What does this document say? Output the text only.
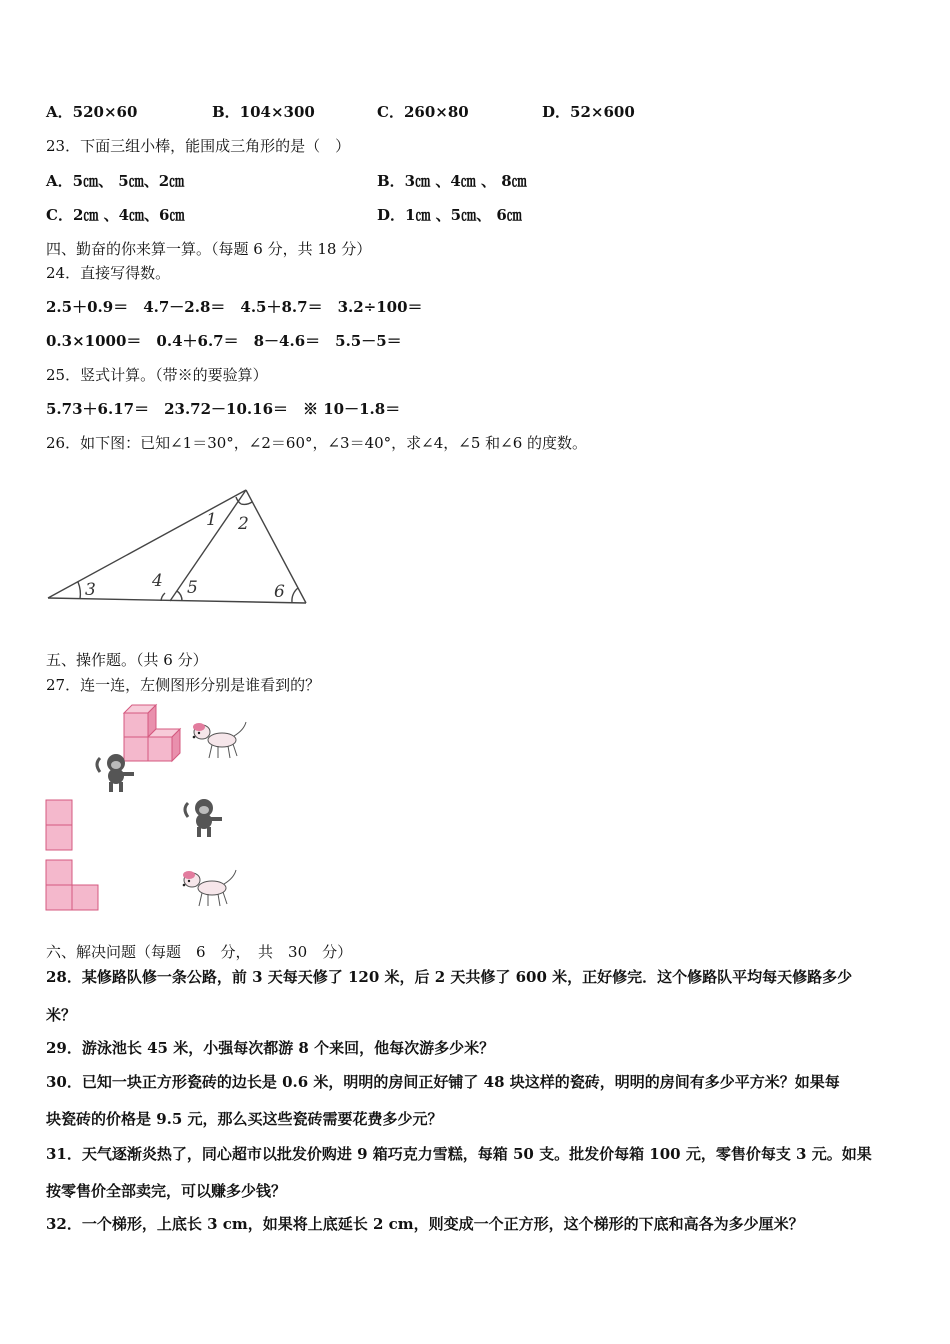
A．520×60	B．104×300	C．260×80	D．52×600
23．下面三组小棒，能围成三角形的是（　）
A．5㎝、 5㎝、2㎝	B．3㎝ 、4㎝ 、 8㎝
C．2㎝ 、4㎝、6㎝	D．1㎝ 、5㎝、 6㎝
四、勤奋的你来算一算。（每题 6 分，共 18 分）
24．直接写得数。
2.5＋0.9＝　4.7－2.8＝　4.5＋8.7＝　3.2÷100＝
0.3×1000＝　0.4＋6.7＝　8－4.6＝　5.5－5＝
25．竖式计算。（带※的要验算）
5.73＋6.17＝　23.72－10.16＝　※ 10－1.8＝
26．如下图：已知∠1＝30°，∠2＝60°，∠3＝40°，求∠4，∠5 和∠6 的度数。
1 2
3	4 5	6
五、操作题。（共 6 分）
27．连一连，左侧图形分别是谁看到的？
六、解决问题（每题　6　分，　共　30　分）
28．某修路队修一条公路，前 3 天每天修了 120 米，后 2 天共修了 600 米，正好修完．这个修路队平均每天修路多少
米？
29．游泳池长 45 米，小强每次都游 8 个来回，他每次游多少米？
30．已知一块正方形瓷砖的边长是 0.6 米，明明的房间正好铺了 48 块这样的瓷砖，明明的房间有多少平方米？如果每
块瓷砖的价格是 9.5 元，那么买这些瓷砖需要花费多少元？
31．天气逐渐炎热了，同心超市以批发价购进 9 箱巧克力雪糕，每箱 50 支。批发价每箱 100 元，零售价每支 3 元。如果
按零售价全部卖完，可以赚多少钱？
32．一个梯形，上底长 3 cm，如果将上底延长 2 cm，则变成一个正方形，这个梯形的下底和高各为多少厘米？
